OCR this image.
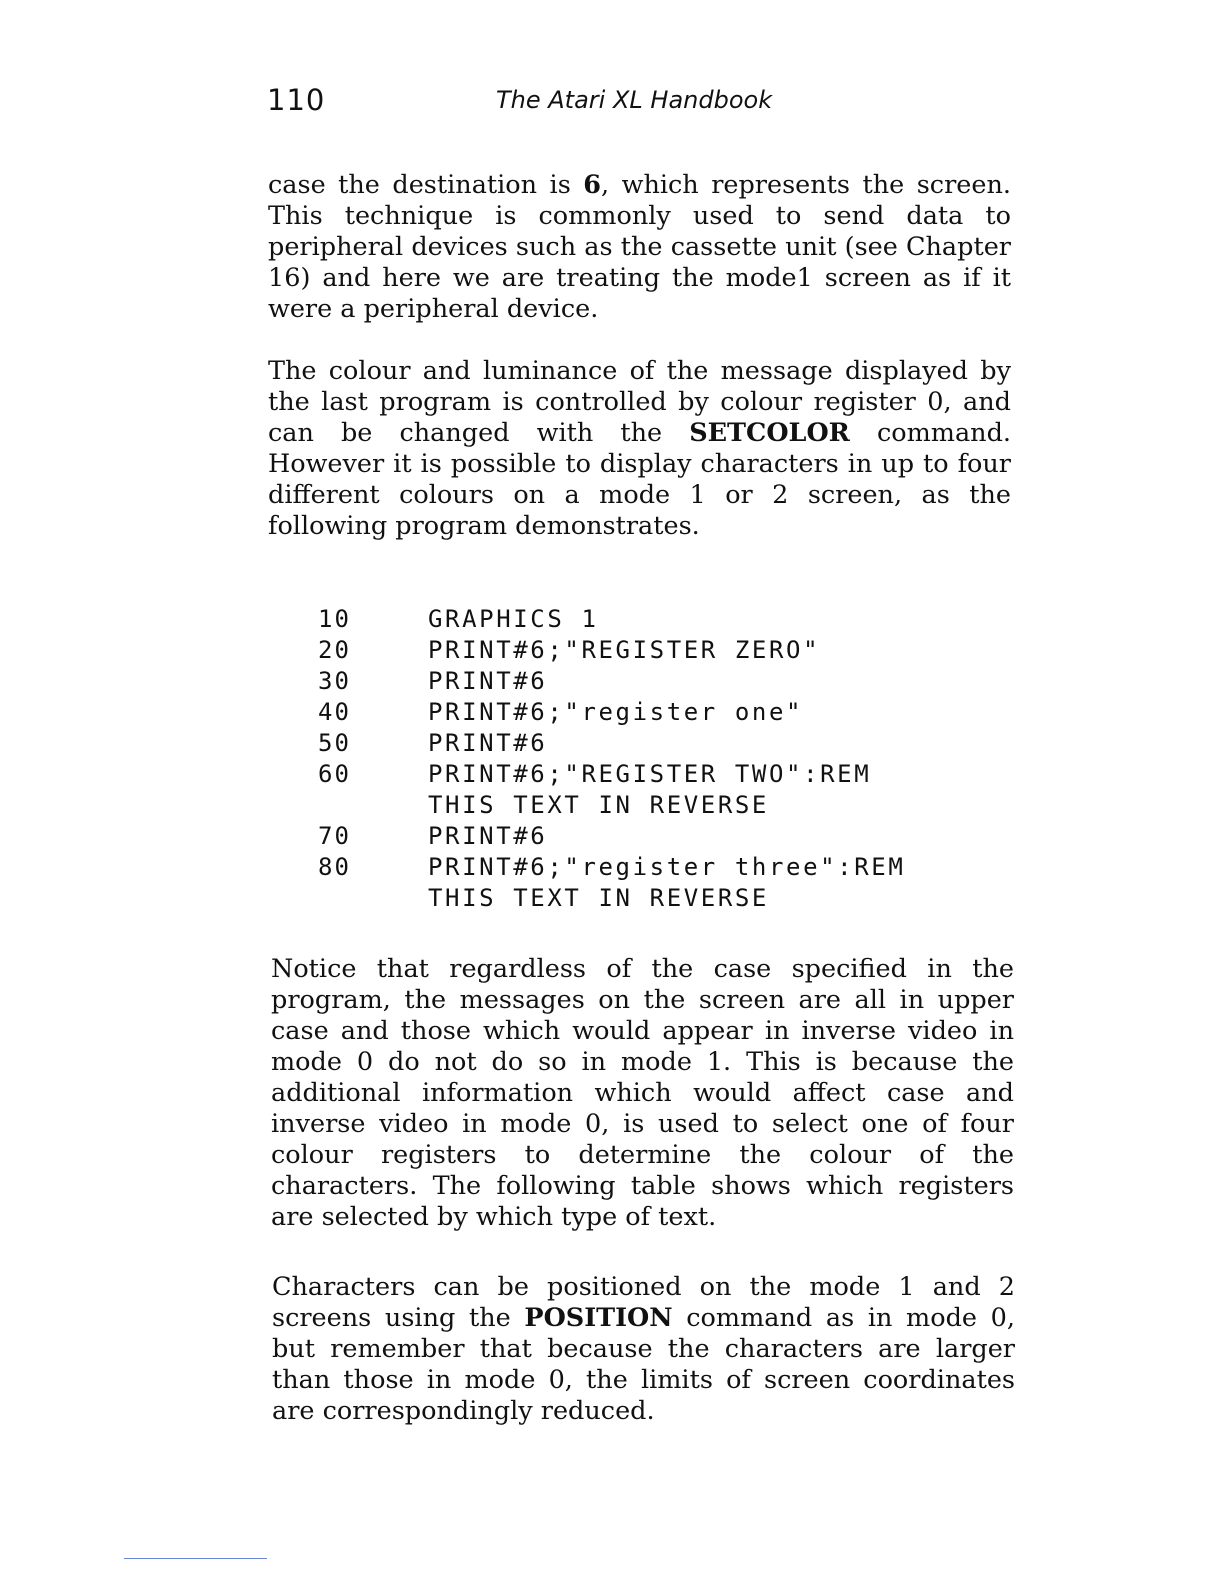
110	The Atari XL Handbook

case the destination is 6, which represents the screen. This technique is commonly used to send data to peripheral devices such as the cassette unit (see Chapter 16) and here we are treating the mode1 screen as if it were a peripheral device.

The colour and luminance of the message displayed by the last program is controlled by colour register 0, and can be changed with the SETCOLOR command. However it is possible to display characters in up to four different colours on a mode 1 or 2 screen, as the following program demonstrates.

10	GRAPHICS 1
20	PRINT#6;"REGISTER ZERO"
30	PRINT#6
40	PRINT#6;"register one"
50	PRINT#6
60	PRINT#6;"REGISTER TWO":REM
THIS TEXT IN REVERSE
70	PRINT#6
80	PRINT#6;"register three":REM
THIS TEXT IN REVERSE

Notice that regardless of the case specified in the program, the messages on the screen are all in upper case and those which would appear in inverse video in mode 0 do not do so in mode 1. This is because the additional information which would affect case and inverse video in mode 0, is used to select one of four colour registers to determine the colour of the characters. The following table shows which registers are selected by which type of text.

Characters can be positioned on the mode 1 and 2 screens using the POSITION command as in mode 0, but remember that because the characters are larger than those in mode 0, the limits of screen coordinates are correspondingly reduced.
